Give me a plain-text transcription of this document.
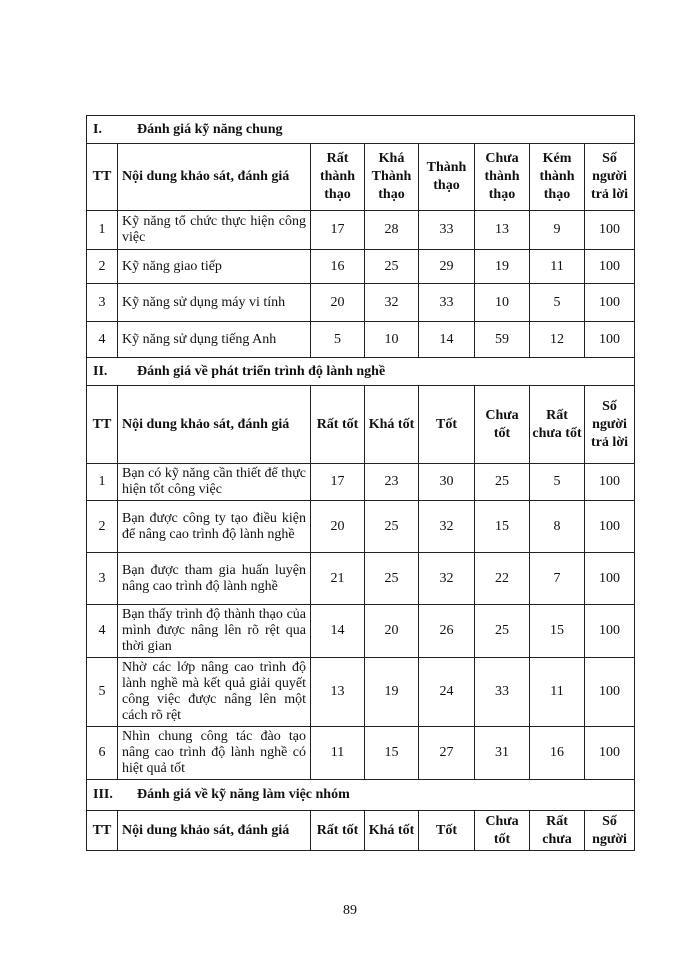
I. Đánh giá kỹ năng chung							
TT	Nội dung khảo sát, đánh giá	Rất thành thạo	Khá Thành thạo	Thành thạo	Chưa thành thạo	Kém thành thạo	Số người trả lời
1	Kỹ năng tổ chức thực hiện công việc	17	28	33	13	9	100
2	Kỹ năng giao tiếp	16	25	29	19	11	100
3	Kỹ năng sử dụng máy vi tính	20	32	33	10	5	100
4	Kỹ năng sử dụng tiếng Anh	5	10	14	59	12	100
II. Đánh giá về phát triển trình độ lành nghề							
TT	Nội dung khảo sát, đánh giá	Rất tốt	Khá tốt	Tốt	Chưa tốt	Rất chưa tốt	Số người trả lời
1	Bạn có kỹ năng cần thiết để thực hiện tốt công việc	17	23	30	25	5	100
2	Bạn được công ty tạo điều kiện để nâng cao trình độ lành nghề	20	25	32	15	8	100
3	Bạn được tham gia huấn luyện nâng cao trình độ lành nghề	21	25	32	22	7	100
4	Bạn thấy trình độ thành thạo của mình được nâng lên rõ rệt qua thời gian	14	20	26	25	15	100
5	Nhờ các lớp nâng cao trình độ lành nghề mà kết quả giải quyết công việc được nâng lên một cách rõ rệt	13	19	24	33	11	100
6	Nhìn chung công tác đào tạo nâng cao trình độ lành nghề có hiệt quả tốt	11	15	27	31	16	100
III. Đánh giá về kỹ năng làm việc nhóm							
TT	Nội dung khảo sát, đánh giá	Rất tốt	Khá tốt	Tốt	Chưa tốt	Rất chưa	Số người
89
